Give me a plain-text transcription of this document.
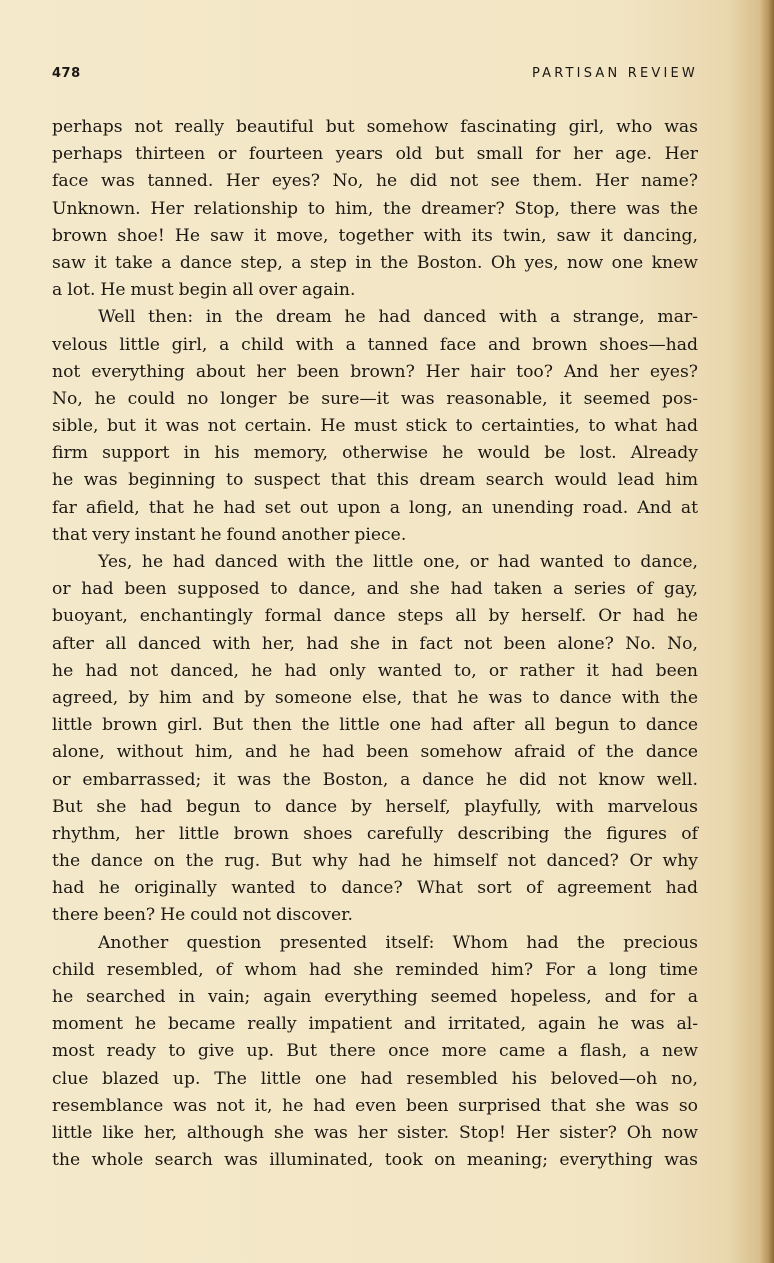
478	PARTISAN REVIEW
perhaps not really beautiful but somehow fascinating girl, who was
perhaps thirteen or fourteen years old but small for her age. Her
face was tanned. Her eyes? No, he did not see them. Her name?
Unknown. Her relationship to him, the dreamer? Stop, there was the
brown shoe! He saw it move, together with its twin, saw it dancing,
saw it take a dance step, a step in the Boston. Oh yes, now one knew
a lot. He must begin all over again.
Well then: in the dream he had danced with a strange, mar-
velous little girl, a child with a tanned face and brown shoes—had
not everything about her been brown? Her hair too? And her eyes?
No, he could no longer be sure—it was reasonable, it seemed pos-
sible, but it was not certain. He must stick to certainties, to what had
firm support in his memory, otherwise he would be lost. Already
he was beginning to suspect that this dream search would lead him
far afield, that he had set out upon a long, an unending road. And at
that very instant he found another piece.
Yes, he had danced with the little one, or had wanted to dance,
or had been supposed to dance, and she had taken a series of gay,
buoyant, enchantingly formal dance steps all by herself. Or had he
after all danced with her, had she in fact not been alone? No. No,
he had not danced, he had only wanted to, or rather it had been
agreed, by him and by someone else, that he was to dance with the
little brown girl. But then the little one had after all begun to dance
alone, without him, and he had been somehow afraid of the dance
or embarrassed; it was the Boston, a dance he did not know well.
But she had begun to dance by herself, playfully, with marvelous
rhythm, her little brown shoes carefully describing the figures of
the dance on the rug. But why had he himself not danced? Or why
had he originally wanted to dance? What sort of agreement had
there been? He could not discover.
Another question presented itself: Whom had the precious
child resembled, of whom had she reminded him? For a long time
he searched in vain; again everything seemed hopeless, and for a
moment he became really impatient and irritated, again he was al-
most ready to give up. But there once more came a flash, a new
clue blazed up. The little one had resembled his beloved—oh no,
resemblance was not it, he had even been surprised that she was so
little like her, although she was her sister. Stop! Her sister? Oh now
the whole search was illuminated, took on meaning; everything was
